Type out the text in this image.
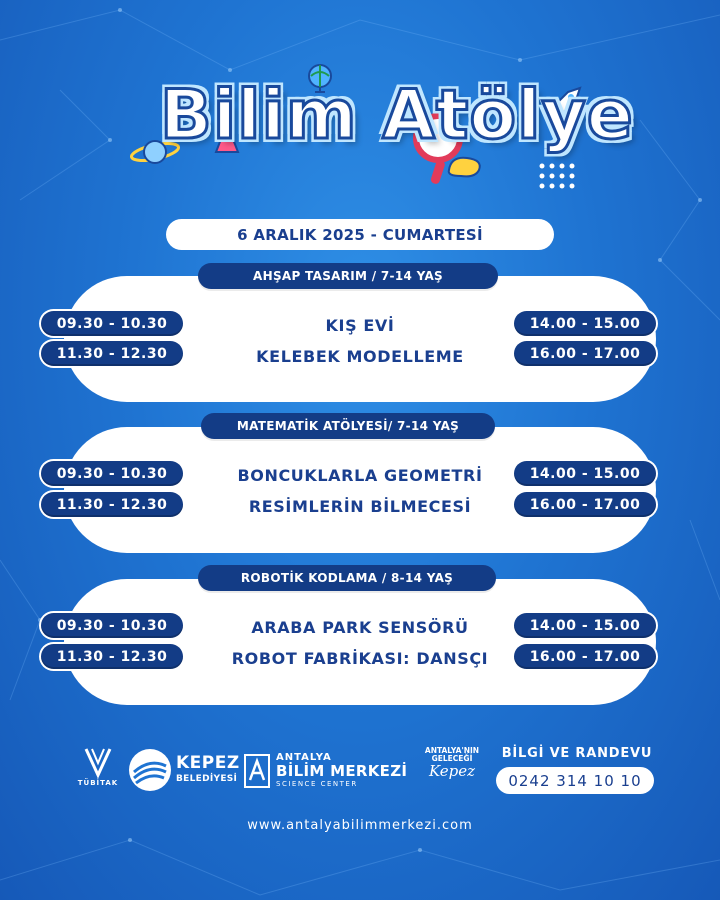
Bilim Atölye
6 ARALIK 2025 - CUMARTESİ
AHŞAP TASARIM / 7-14 YAŞ
09.30 - 10.30
11.30 - 12.30
14.00 - 15.00
16.00 - 17.00
KIŞ EVİ
KELEBEK MODELLEME
MATEMATİK ATÖLYESİ/ 7-14 YAŞ
09.30 - 10.30
11.30 - 12.30
14.00 - 15.00
16.00 - 17.00
BONCUKLARLA GEOMETRİ
RESİMLERİN BİLMECESİ
ROBOTİK KODLAMA / 8-14 YAŞ
09.30 - 10.30
11.30 - 12.30
14.00 - 15.00
16.00 - 17.00
ARABA PARK SENSÖRÜ
ROBOT FABRİKASI: DANSÇI
TÜBİTAK
KEPEZ
BELEDİYESİ
ANTALYA
BİLİM MERKEZİ
SCIENCE CENTER
ANTALYA'NIN
GELECEĞİ
Kepez
BİLGİ VE RANDEVU
0242 314 10 10
www.antalyabilimmerkezi.com
